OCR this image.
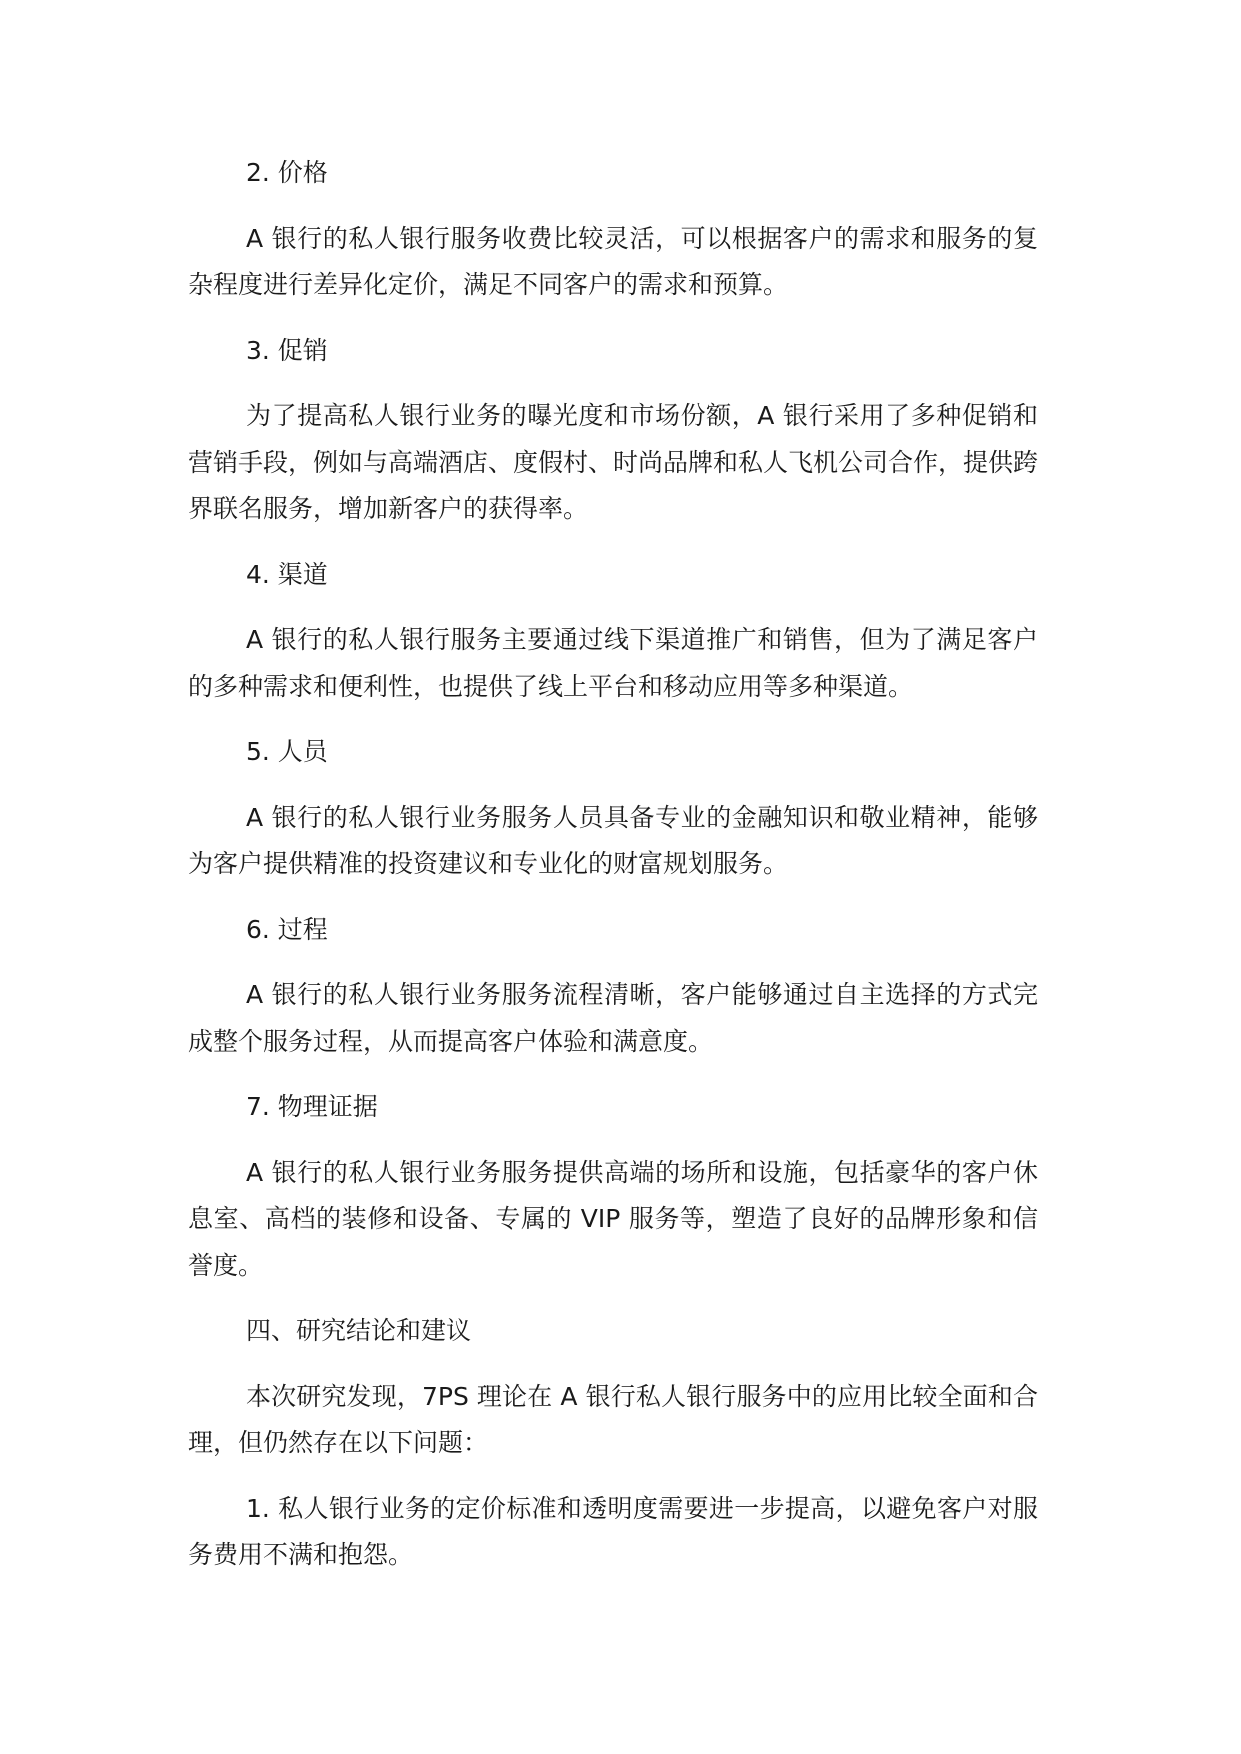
2. 价格

A 银行的私人银行服务收费比较灵活，可以根据客户的需求和服务的复杂程度进行差异化定价，满足不同客户的需求和预算。

3. 促销

为了提高私人银行业务的曝光度和市场份额，A 银行采用了多种促销和营销手段，例如与高端酒店、度假村、时尚品牌和私人飞机公司合作，提供跨界联名服务，增加新客户的获得率。

4. 渠道

A 银行的私人银行服务主要通过线下渠道推广和销售，但为了满足客户的多种需求和便利性，也提供了线上平台和移动应用等多种渠道。

5. 人员

A 银行的私人银行业务服务人员具备专业的金融知识和敬业精神，能够为客户提供精准的投资建议和专业化的财富规划服务。

6. 过程

A 银行的私人银行业务服务流程清晰，客户能够通过自主选择的方式完成整个服务过程，从而提高客户体验和满意度。

7. 物理证据

A 银行的私人银行业务服务提供高端的场所和设施，包括豪华的客户休息室、高档的装修和设备、专属的 VIP 服务等，塑造了良好的品牌形象和信誉度。

四、研究结论和建议

本次研究发现，7PS 理论在 A 银行私人银行服务中的应用比较全面和合理，但仍然存在以下问题：

1. 私人银行业务的定价标准和透明度需要进一步提高，以避免客户对服务费用不满和抱怨。
